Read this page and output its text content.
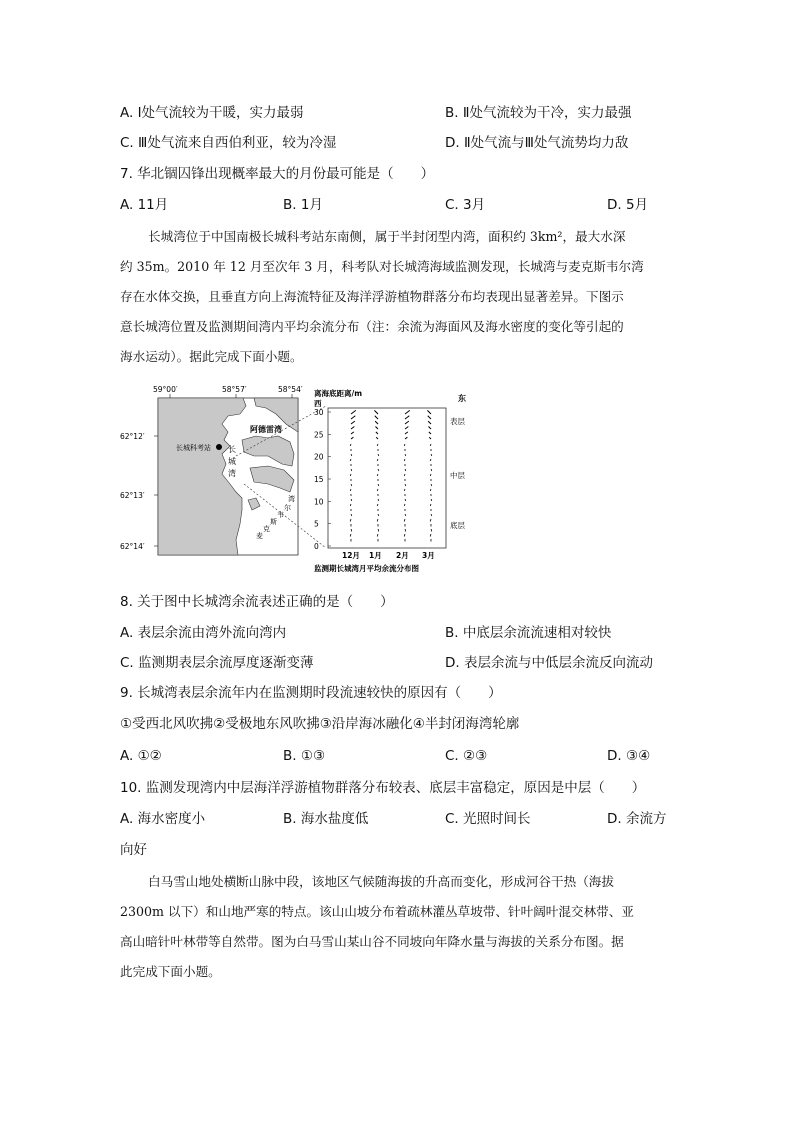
A. Ⅰ处气流较为干暖，实力最弱	B. Ⅱ处气流较为干冷，实力最强
C. Ⅲ处气流来自西伯利亚，较为冷湿	D. Ⅱ处气流与Ⅲ处气流势均力敌
7. 华北锢囚锋出现概率最大的月份最可能是（　　）
A. 11月	B. 1月	C. 3月	D. 5月
长城湾位于中国南极长城科考站东南侧，属于半封闭型内湾，面积约 3km²，最大水深
约 35m。2010 年 12 月至次年 3 月，科考队对长城湾海域监测发现，长城湾与麦克斯韦尔湾
存在水体交换，且垂直方向上海流特征及海洋浮游植物群落分布均表现出显著差异。下图示
意长城湾位置及监测期间湾内平均余流分布（注：余流为海面风及海水密度的变化等引起的
海水运动）。据此完成下面小题。
59°00′	58°57′	58°54′
62°12′
62°13′
62°14′
长城科考站 长
城
湾
阿德雷湾
麦
克
斯
韦
尔
湾
离海底距离/m
西
东
30
25
20
15
10
5
0
表层
中层
底层
12月 1月 2月 3月
监测期长城湾月平均余流分布图
8. 关于图中长城湾余流表述正确的是（　　）
A. 表层余流由湾外流向湾内	B. 中底层余流流速相对较快
C. 监测期表层余流厚度逐渐变薄	D. 表层余流与中低层余流反向流动
9. 长城湾表层余流年内在监测期时段流速较快的原因有（　　）
①受西北风吹拂②受极地东风吹拂③沿岸海冰融化④半封闭海湾轮廓
A. ①②	B. ①③	C. ②③	D. ③④
10. 监测发现湾内中层海洋浮游植物群落分布较表、底层丰富稳定，原因是中层（　　）
A. 海水密度小	B. 海水盐度低	C. 光照时间长	D. 余流方
向好
白马雪山地处横断山脉中段，该地区气候随海拔的升高而变化，形成河谷干热（海拔
2300m 以下）和山地严寒的特点。该山山坡分布着疏林灌丛草坡带、针叶阔叶混交林带、亚
高山暗针叶林带等自然带。图为白马雪山某山谷不同坡向年降水量与海拔的关系分布图。据
此完成下面小题。
